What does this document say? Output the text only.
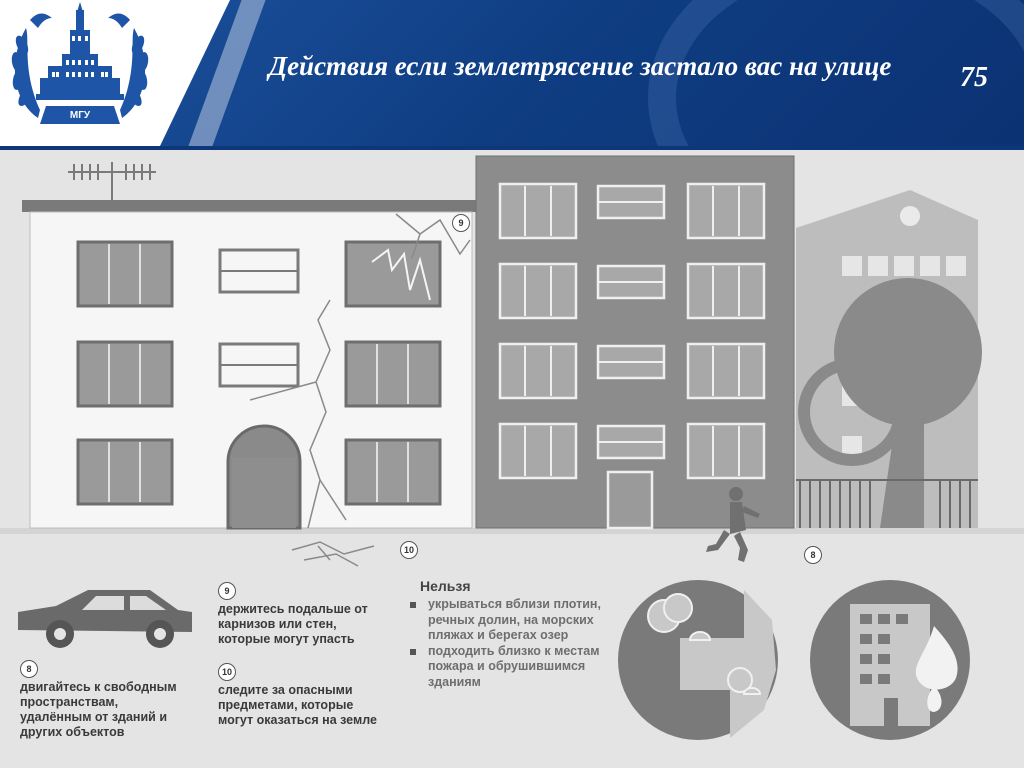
МГУ
Действия если землетрясение застало вас на улице	75
9
10	8
8
двигайтесь к свободным пространствам, удалённым от зданий и других объектов
9
держитесь подальше от карнизов или стен, которые могут упасть
10
следите за опасными предметами, которые могут оказаться на земле
Нельзя
укрываться вблизи плотин, речных долин, на морских пляжах и берегах озер
подходить близко к местам пожара и обрушившимся зданиям
